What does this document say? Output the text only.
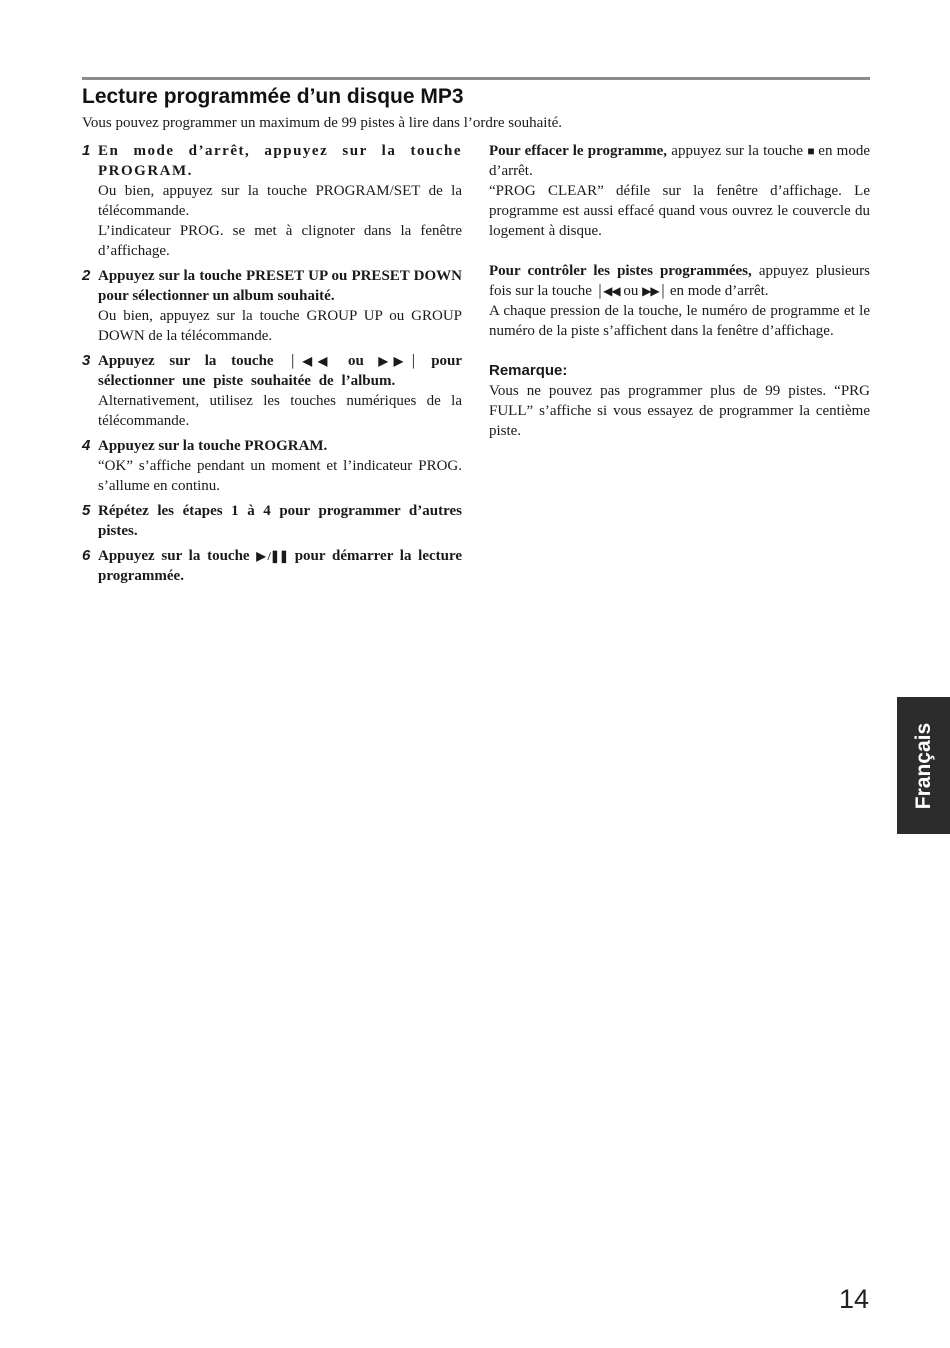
Lecture programmée d’un disque MP3
Vous pouvez programmer un maximum de 99 pistes à lire dans l’ordre souhaité.
1 En mode d’arrêt, appuyez sur la touche PROGRAM.
Ou bien, appuyez sur la touche PROGRAM/SET de la télécommande.
L’indicateur PROG. se met à clignoter dans la fenêtre d’affichage.
2 Appuyez sur la touche PRESET UP ou PRESET DOWN pour sélectionner un album souhaité.
Ou bien, appuyez sur la touche GROUP UP ou GROUP DOWN de la télécommande.
3 Appuyez sur la touche │◀◀ ou ▶▶│ pour sélectionner une piste souhaitée de l’album.
Alternativement, utilisez les touches numériques de la télécommande.
4 Appuyez sur la touche PROGRAM.
“OK” s’affiche pendant un moment et l’indicateur PROG. s’allume en continu.
5 Répétez les étapes 1 à 4 pour programmer d’autres pistes.
6 Appuyez sur la touche ▶/❚❚ pour démarrer la lecture programmée.
Pour effacer le programme, appuyez sur la touche ■ en mode d’arrêt.
“PROG CLEAR” défile sur la fenêtre d’affichage. Le programme est aussi effacé quand vous ouvrez le couvercle du logement à disque.
Pour contrôler les pistes programmées, appuyez plusieurs fois sur la touche │◀◀ ou ▶▶│ en mode d’arrêt.
A chaque pression de la touche, le numéro de programme et le numéro de la piste s’affichent dans la fenêtre d’affichage.
Remarque:
Vous ne pouvez pas programmer plus de 99 pistes. “PRG FULL” s’affiche si vous essayez de programmer la centième piste.
Français
14
